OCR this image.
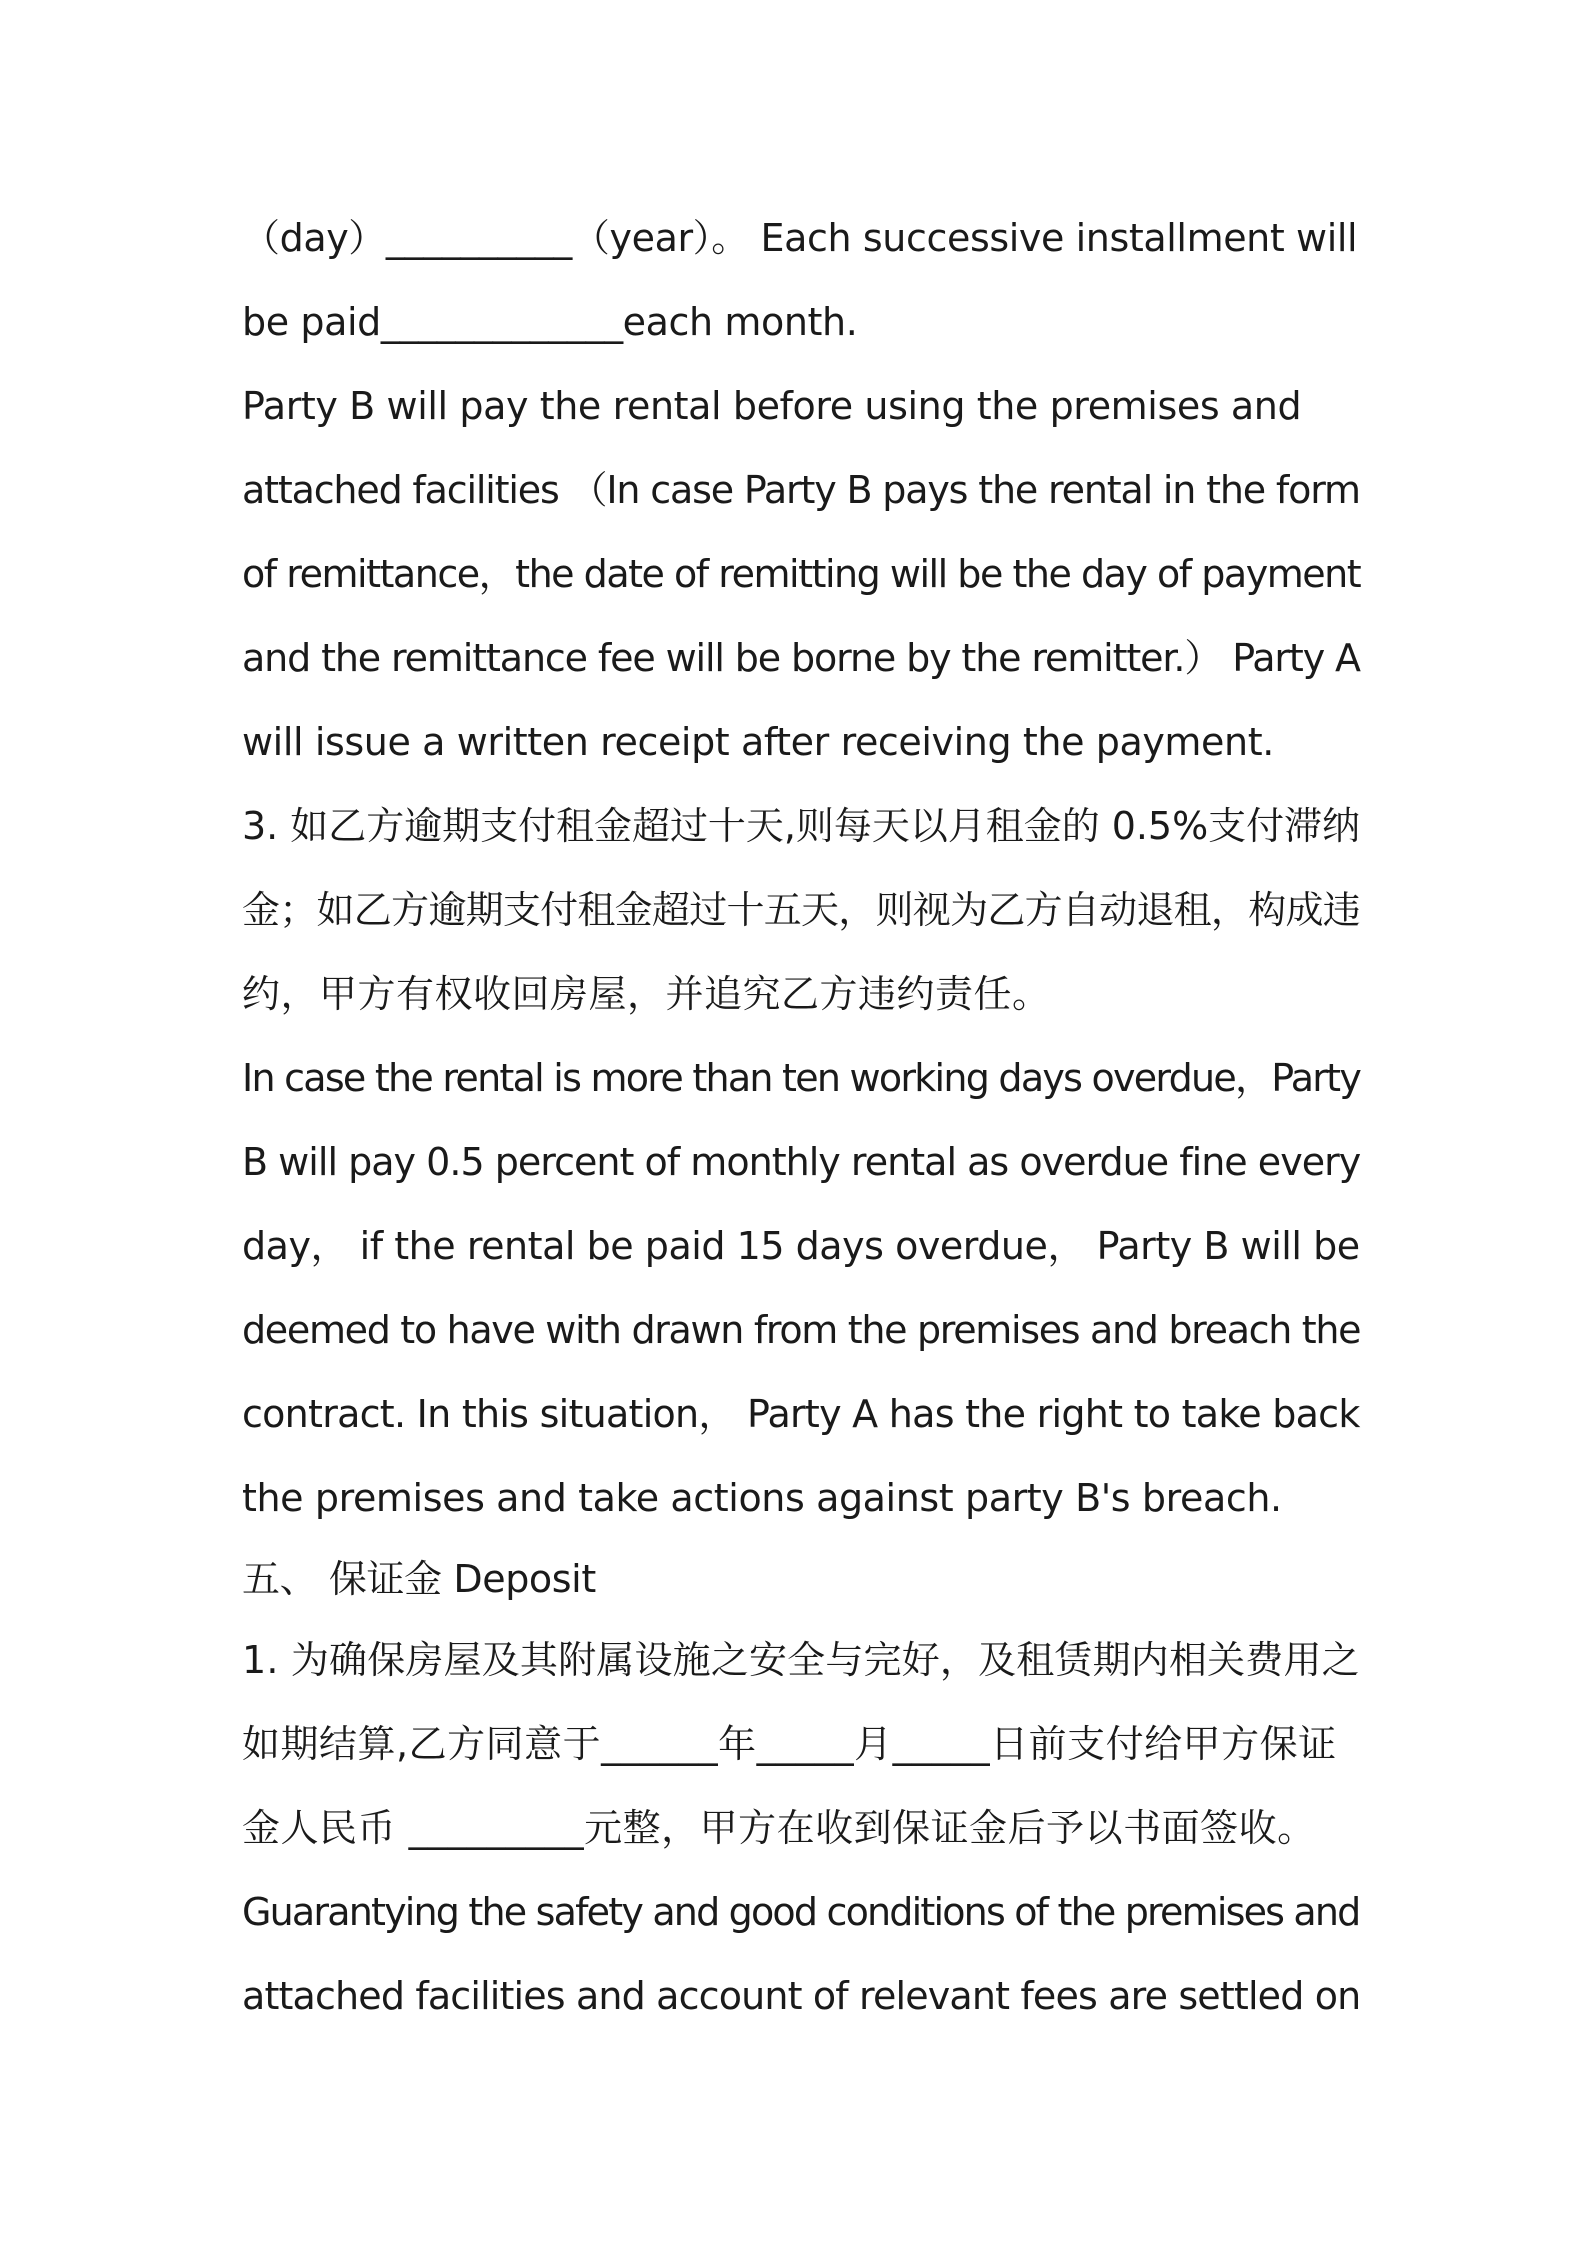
（day）__________（year）。 Each successive installment will
be paid_____________each month.
Party B will pay the rental before using the premises and
attached facilities （In case Party B pays the rental in the form
of remittance，the date of remitting will be the day of payment
and the remittance fee will be borne by the remitter.） Party A
will issue a written receipt after receiving the payment.
3. 如乙方逾期支付租金超过十天,则每天以月租金的 0.5%支付滞纳
金；如乙方逾期支付租金超过十五天，则视为乙方自动退租，构成违
约，甲方有权收回房屋，并追究乙方违约责任。
In case the rental is more than ten working days overdue，Party
B will pay 0.5 percent of monthly rental as overdue fine every
day， if the rental be paid 15 days overdue， Party B will be
deemed to have with drawn from the premises and breach the
contract. In this situation， Party A has the right to take back
the premises and take actions against party B's breach.
五、 保证金 Deposit
1. 为确保房屋及其附属设施之安全与完好，及租赁期内相关费用之
如期结算,乙方同意于______年_____月_____日前支付给甲方保证
金人民币 _________元整，甲方在收到保证金后予以书面签收。
Guarantying the safety and good conditions of the premises and
attached facilities and account of relevant fees are settled on
